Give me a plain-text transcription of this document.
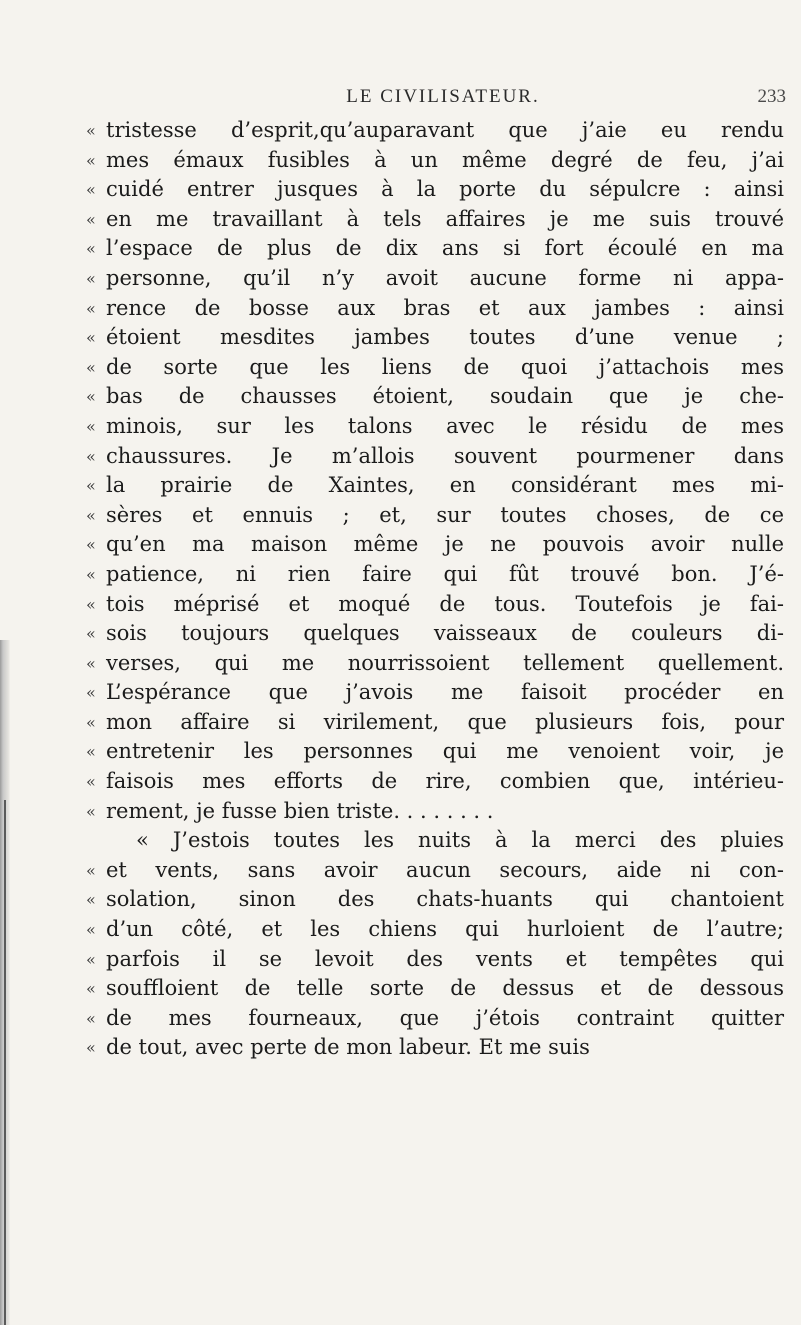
LE CIVILISATEUR.	233
« tristesse d’esprit,qu’auparavant que j’aie eu rendu
« mes émaux fusibles à un même degré de feu, j’ai
« cuidé entrer jusques à la porte du sépulcre : ainsi
« en me travaillant à tels affaires je me suis trouvé
« l’espace de plus de dix ans si fort écoulé en ma
« personne, qu’il n’y avoit aucune forme ni appa-
« rence de bosse aux bras et aux jambes : ainsi
« étoient mesdites jambes toutes d’une venue ;
« de sorte que les liens de quoi j’attachois mes
« bas de chausses étoient, soudain que je che-
« minois, sur les talons avec le résidu de mes
« chaussures. Je m’allois souvent pourmener dans
« la prairie de Xaintes, en considérant mes mi-
« sères et ennuis ; et, sur toutes choses, de ce
« qu’en ma maison même je ne pouvois avoir nulle
« patience, ni rien faire qui fût trouvé bon. J’é-
« tois méprisé et moqué de tous. Toutefois je fai-
« sois toujours quelques vaisseaux de couleurs di-
« verses, qui me nourrissoient tellement quellement.
« L’espérance que j’avois me faisoit procéder en
« mon affaire si virilement, que plusieurs fois, pour
« entretenir les personnes qui me venoient voir, je
« faisois mes efforts de rire, combien que, intérieu-
« rement, je fusse bien triste. . . . . . . .
« J’estois toutes les nuits à la merci des pluies
« et vents, sans avoir aucun secours, aide ni con-
« solation, sinon des chats-huants qui chantoient
« d’un côté, et les chiens qui hurloient de l’autre;
« parfois il se levoit des vents et tempêtes qui
« souffloient de telle sorte de dessus et de dessous
« de mes fourneaux, que j’étois contraint quitter
« de tout, avec perte de mon labeur. Et me suis
